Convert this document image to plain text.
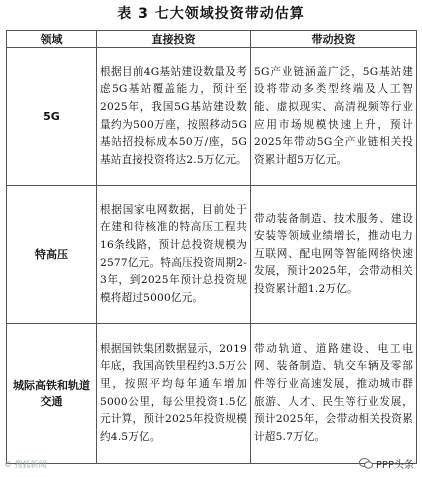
表 3 七大领域投资带动估算
领域	直接投资	带动投资
5G	根据目前4G基站建设数量及考虑5G基站覆盖能力，预计至2025年，我国5G基站建设数量约为500万座，按照移动5G基站招投标成本50万/座，5G基站直接投资将达2.5万亿元。	5G产业链涵盖广泛，5G基站建设将带动多类型终端及人工智能、虚拟现实、高清视频等行业应用市场规模快速上升，预计2025年带动5G全产业链相关投资累计超5万亿元。
特高压	根据国家电网数据，目前处于在建和待核准的特高压工程共16条线路，预计总投资规模为2577亿元。特高压投资周期2-3年，到2025年预计总投资规模将超过5000亿元。	带动装备制造、技术服务、建设安装等领域业绩增长，推动电力互联网、配电网等智能网络快速发展，预计2025年，会带动相关投资累计超1.2万亿。
城际高铁和轨道交通	根据国铁集团数据显示，2019年底，我国高铁里程约3.5万公里，按照平均每年通车增加5000公里，每公里投资1.5亿元计算，预计2025年投资规模约4.5万亿。	带动轨道、道路建设、电工电网、装备制造、轨交车辆及零部件等行业高速发展，推动城市群旅游、人才、民生等行业发展，预计2025年，会带动相关投资累计超5.7万亿。
© 搜狐新闻	PPP头条
